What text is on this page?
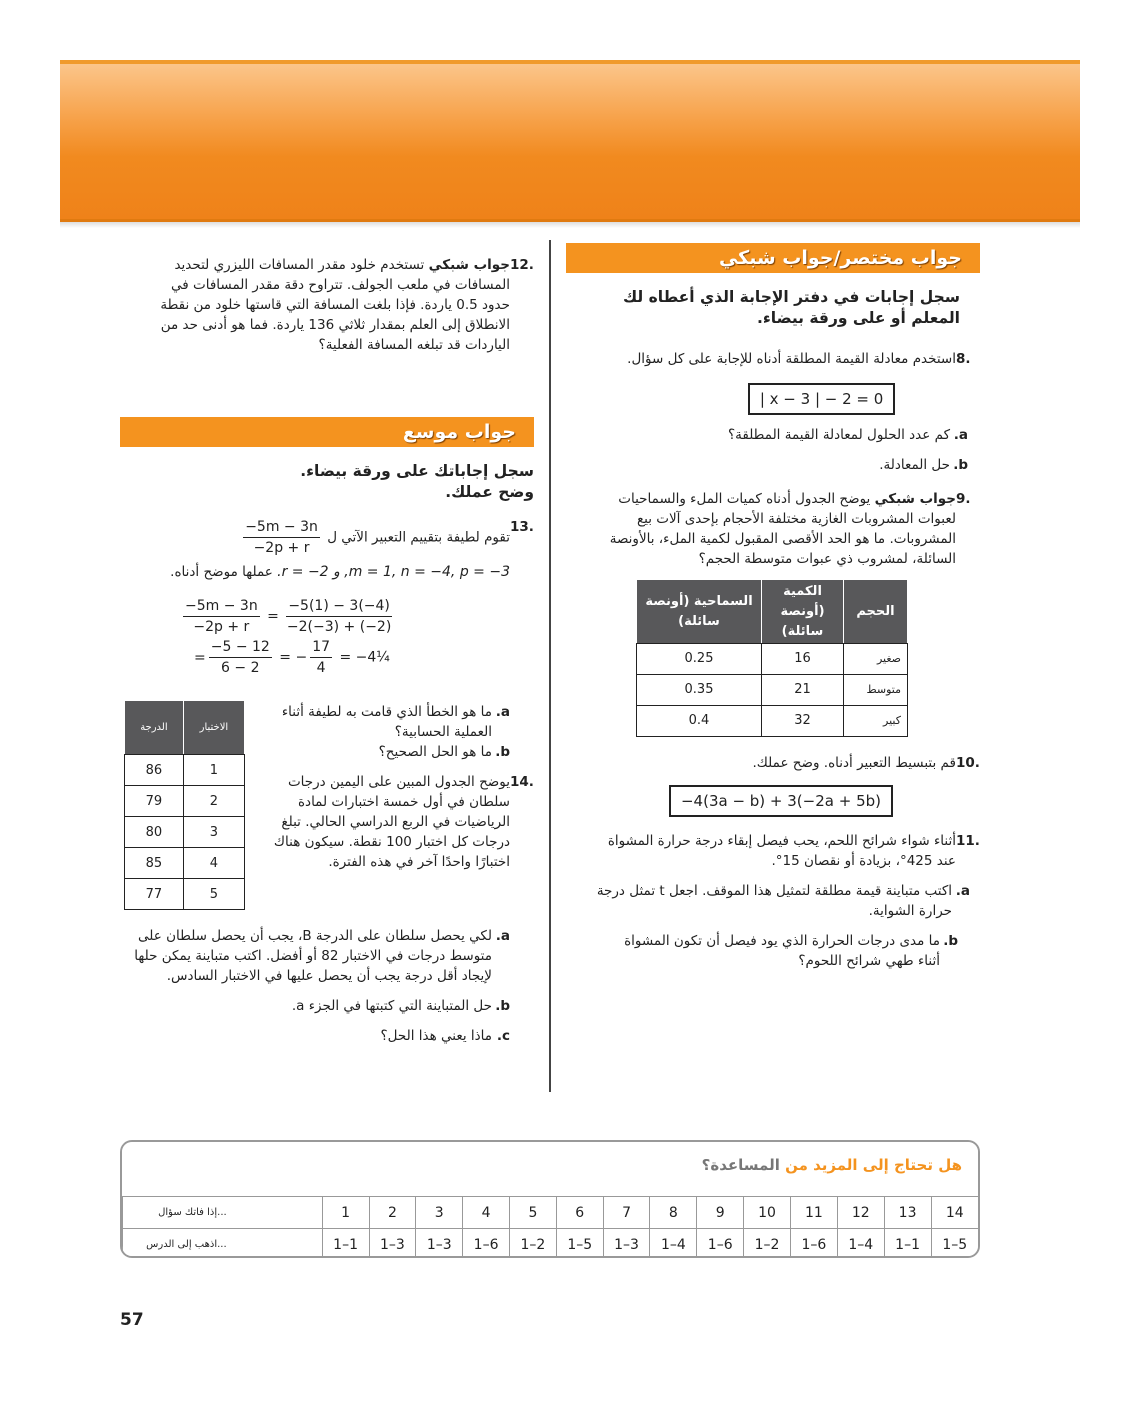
جواب مختصر/جواب شبكي
سجل إجابات في دفتر الإجابة الذي أعطاه لك المعلم أو على ورقة بيضاء.
8.
استخدم معادلة القيمة المطلقة أدناه للإجابة على كل سؤال.
| x − 3 | − 2 = 0
a.
كم عدد الحلول لمعادلة القيمة المطلقة؟
b.
حل المعادلة.
9.
جواب شبكي يوضح الجدول أدناه كميات الملء والسماحيات لعبوات المشروبات الغازية مختلفة الأحجام بإحدى آلات بيع المشروبات. ما هو الحد الأقصى المقبول لكمية الملء، بالأونصة السائلة، لمشروب ذي عبوات متوسطة الحجم؟
الحجم	الكمية (أونصة سائلة)	السماحية (أونصة سائلة)
صغير	16	0.25
متوسط	21	0.35
كبير	32	0.4
10.
قم بتبسيط التعبير أدناه. وضح عملك.
−4(3a − b) + 3(−2a + 5b)
11.
أثناء شواء شرائح اللحم، يحب فيصل إبقاء درجة حرارة المشواة عند 425°، بزيادة أو نقصان 15°.
a.
اكتب متباينة قيمة مطلقة لتمثيل هذا الموقف. اجعل t تمثل درجة حرارة الشواية.
b.
ما مدى درجات الحرارة الذي يود فيصل أن تكون المشواة أثناء طهي شرائح اللحوم؟
12.
جواب شبكي تستخدم خلود مقدر المسافات الليزري لتحديد المسافات في ملعب الجولف. تتراوح دقة مقدر المسافات في حدود 0.5 ياردة. فإذا بلغت المسافة التي قاستها خلود من نقطة الانطلاق إلى العلم بمقدار ثلاثي 136 ياردة. فما هو أدنى حد من الياردات قد تبلغه المسافة الفعلية؟
جواب موسع
سجل إجاباتك على ورقة بيضاء. وضح عملك.
13.
تقوم لطيفة بتقييم التعبير الآتي ل
$\frac{-5m - 3n}{-2p + r}$
m = 1, n = −4, p = −3, و r = −2. عملها موضح أدناه.
$\frac{-5m - 3n}{-2p + r} = \frac{-5(1) - 3(-4)}{-2(-3) + (-2)}$

= $\frac{-5 - 12}{6 - 2}$ = − $\frac{17}{4}$ = −4¼
الدرجة	الاختبار
86	1
79	2
80	3
85	4
77	5
a.
ما هو الخطأ الذي قامت به لطيفة أثناء العملية الحسابية؟
b.
ما هو الحل الصحيح؟
14.
يوضح الجدول المبين على اليمين درجات سلطان في أول خمسة اختبارات لمادة الرياضيات في الربع الدراسي الحالي. تبلغ درجات كل اختبار 100 نقطة. سيكون هناك اختبارًا واحدًا آخر في هذه الفترة.
a.
لكي يحصل سلطان على الدرجة B، يجب أن يحصل سلطان على متوسط درجات في الاختبار 82 أو أفضل. اكتب متباينة يمكن حلها لإيجاد أقل درجة يجب أن يحصل عليها في الاختبار السادس.
b.
حل المتباينة التي كتبتها في الجزء a.
c.
ماذا يعني هذا الحل؟
هل تحتاج إلى المزيد من المساعدة؟
...إذا فاتك سؤال	1	2	3	4	5	6	7	8	9	10	11	12	13	14
...اذهب إلى الدرس	1–1	1–3	1–3	1–6	1–2	1–5	1–3	1–4	1–6	1–2	1–6	1–4	1–1	1–5
57
